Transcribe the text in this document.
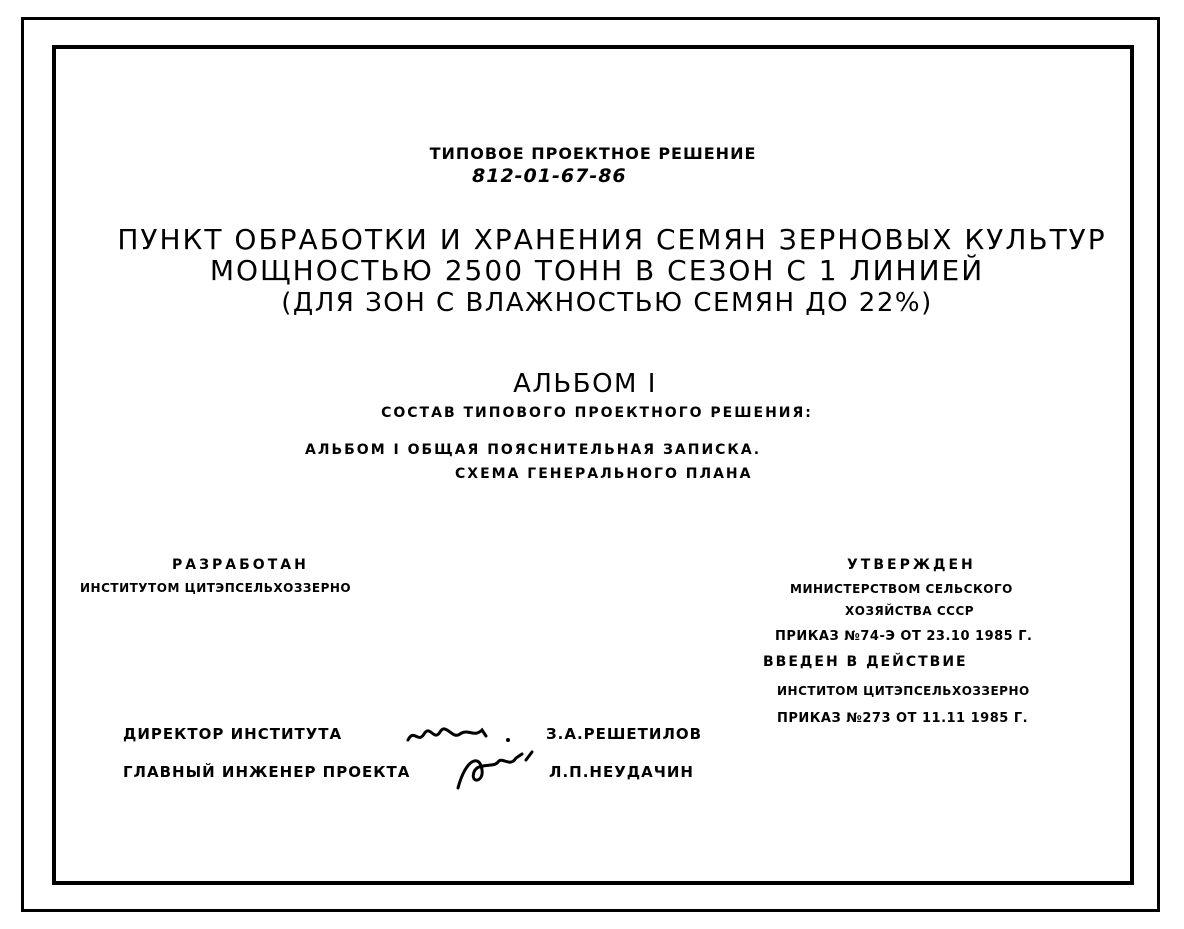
ТИПОВОЕ ПРОЕКТНОЕ РЕШЕНИЕ
812-01-67-86
ПУНКТ ОБРАБОТКИ И ХРАНЕНИЯ СЕМЯН ЗЕРНОВЫХ КУЛЬТУР
МОЩНОСТЬЮ 2500 ТОНН В СЕЗОН С 1 ЛИНИЕЙ
(ДЛЯ ЗОН С ВЛАЖНОСТЬЮ СЕМЯН ДО 22%)
АЛЬБОМ I
СОСТАВ ТИПОВОГО ПРОЕКТНОГО РЕШЕНИЯ:
АЛЬБОМ I ОБЩАЯ ПОЯСНИТЕЛЬНАЯ ЗАПИСКА.
СХЕМА ГЕНЕРАЛЬНОГО ПЛАНА
РАЗРАБОТАН
ИНСТИТУТОМ ЦИТЭПСЕЛЬХОЗЗЕРНО
УТВЕРЖДЕН
МИНИСТЕРСТВОМ СЕЛЬСКОГО
ХОЗЯЙСТВА СССР
ПРИКАЗ №74-Э ОТ 23.10 1985 Г.
ВВЕДЕН В ДЕЙСТВИЕ
ИНСТИТОМ ЦИТЭПСЕЛЬХОЗЗЕРНО
ПРИКАЗ №273 ОТ 11.11 1985 Г.
ДИРЕКТОР ИНСТИТУТА	З.А.РЕШЕТИЛОВ
ГЛАВНЫЙ ИНЖЕНЕР ПРОЕКТА	Л.П.НЕУДАЧИН
